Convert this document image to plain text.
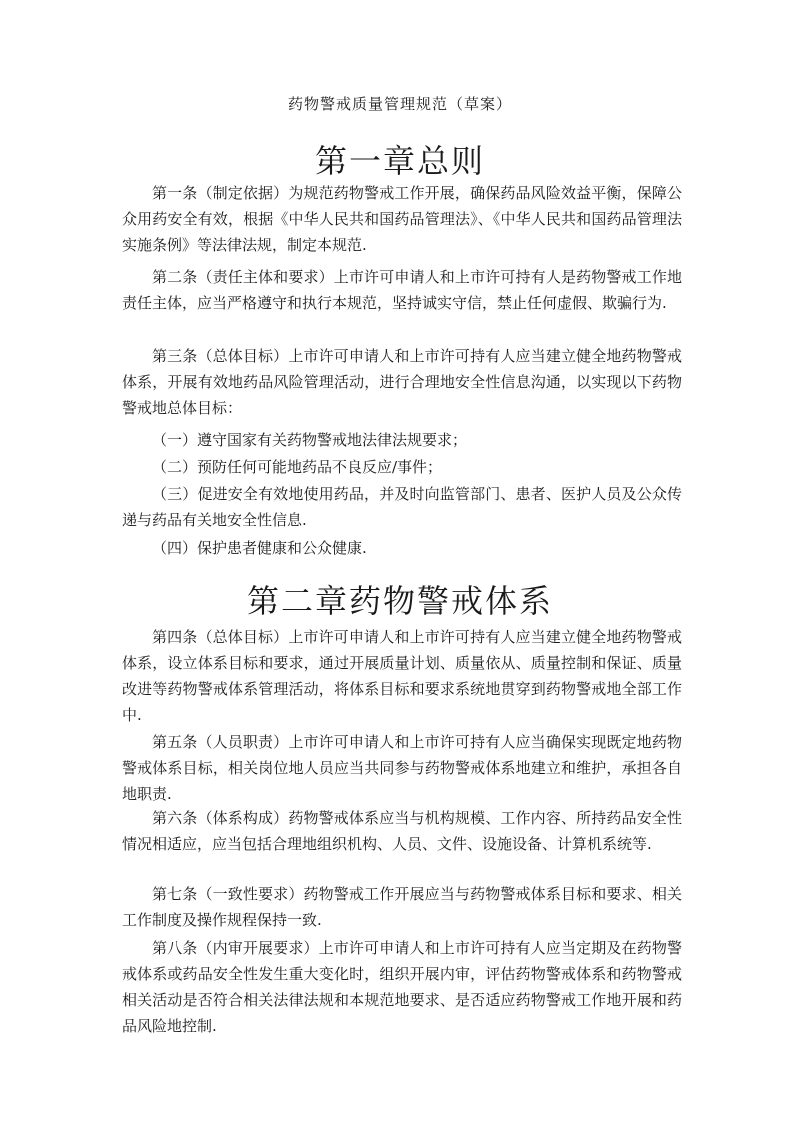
药物警戒质量管理规范（草案）
第一章总则

第一条（制定依据）为规范药物警戒工作开展，确保药品风险效益平衡，保障公众用药安全有效，根据《中华人民共和国药品管理法》、《中华人民共和国药品管理法实施条例》等法律法规，制定本规范.

第二条（责任主体和要求）上市许可申请人和上市许可持有人是药物警戒工作地责任主体，应当严格遵守和执行本规范，坚持诚实守信，禁止任何虚假、欺骗行为.

第三条（总体目标）上市许可申请人和上市许可持有人应当建立健全地药物警戒体系，开展有效地药品风险管理活动，进行合理地安全性信息沟通，以实现以下药物警戒地总体目标：

（一）遵守国家有关药物警戒地法律法规要求；

（二）预防任何可能地药品不良反应/事件；

（三）促进安全有效地使用药品，并及时向监管部门、患者、医护人员及公众传递与药品有关地安全性信息.

（四）保护患者健康和公众健康.

第二章药物警戒体系

第四条（总体目标）上市许可申请人和上市许可持有人应当建立健全地药物警戒体系，设立体系目标和要求，通过开展质量计划、质量依从、质量控制和保证、质量改进等药物警戒体系管理活动，将体系目标和要求系统地贯穿到药物警戒地全部工作中.

第五条（人员职责）上市许可申请人和上市许可持有人应当确保实现既定地药物警戒体系目标，相关岗位地人员应当共同参与药物警戒体系地建立和维护，承担各自地职责.

第六条（体系构成）药物警戒体系应当与机构规模、工作内容、所持药品安全性情况相适应，应当包括合理地组织机构、人员、文件、设施设备、计算机系统等.

第七条（一致性要求）药物警戒工作开展应当与药物警戒体系目标和要求、相关工作制度及操作规程保持一致.

第八条（内审开展要求）上市许可申请人和上市许可持有人应当定期及在药物警戒体系或药品安全性发生重大变化时，组织开展内审，评估药物警戒体系和药物警戒相关活动是否符合相关法律法规和本规范地要求、是否适应药物警戒工作地开展和药品风险地控制.
